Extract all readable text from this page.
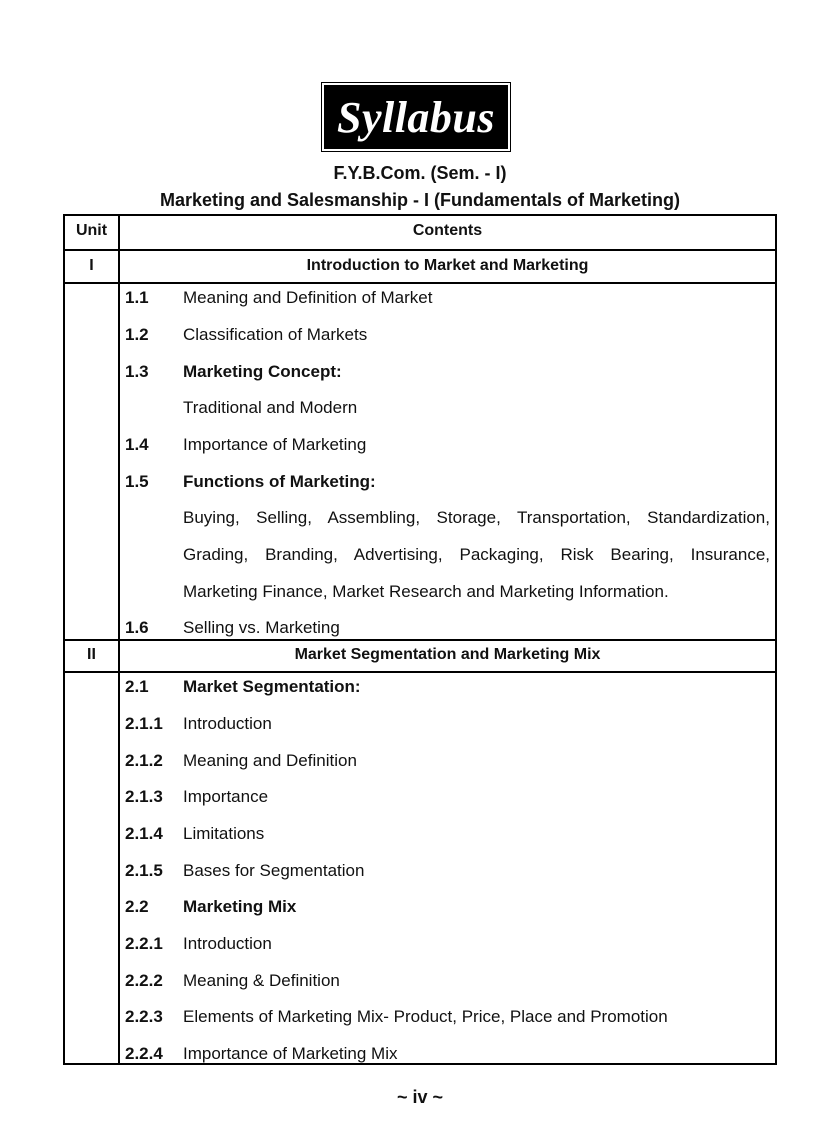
Syllabus
F.Y.B.Com. (Sem. - I)
Marketing and Salesmanship - I (Fundamentals of Marketing)
Unit	Contents
I	Introduction to Market and Marketing
1.1 Meaning and Definition of Market
1.2 Classification of Markets
1.3 Marketing Concept:
Traditional and Modern
1.4 Importance of Marketing
1.5 Functions of Marketing:
Buying, Selling, Assembling, Storage, Transportation, Standardization,
Grading, Branding, Advertising, Packaging, Risk Bearing, Insurance,
Marketing Finance, Market Research and Marketing Information.
1.6 Selling vs. Marketing
II	Market Segmentation and Marketing Mix
2.1 Market Segmentation:
2.1.1 Introduction
2.1.2 Meaning and Definition
2.1.3 Importance
2.1.4 Limitations
2.1.5 Bases for Segmentation
2.2 Marketing Mix
2.2.1 Introduction
2.2.2 Meaning & Definition
2.2.3 Elements of Marketing Mix- Product, Price, Place and Promotion
2.2.4 Importance of Marketing Mix
~ iv ~
